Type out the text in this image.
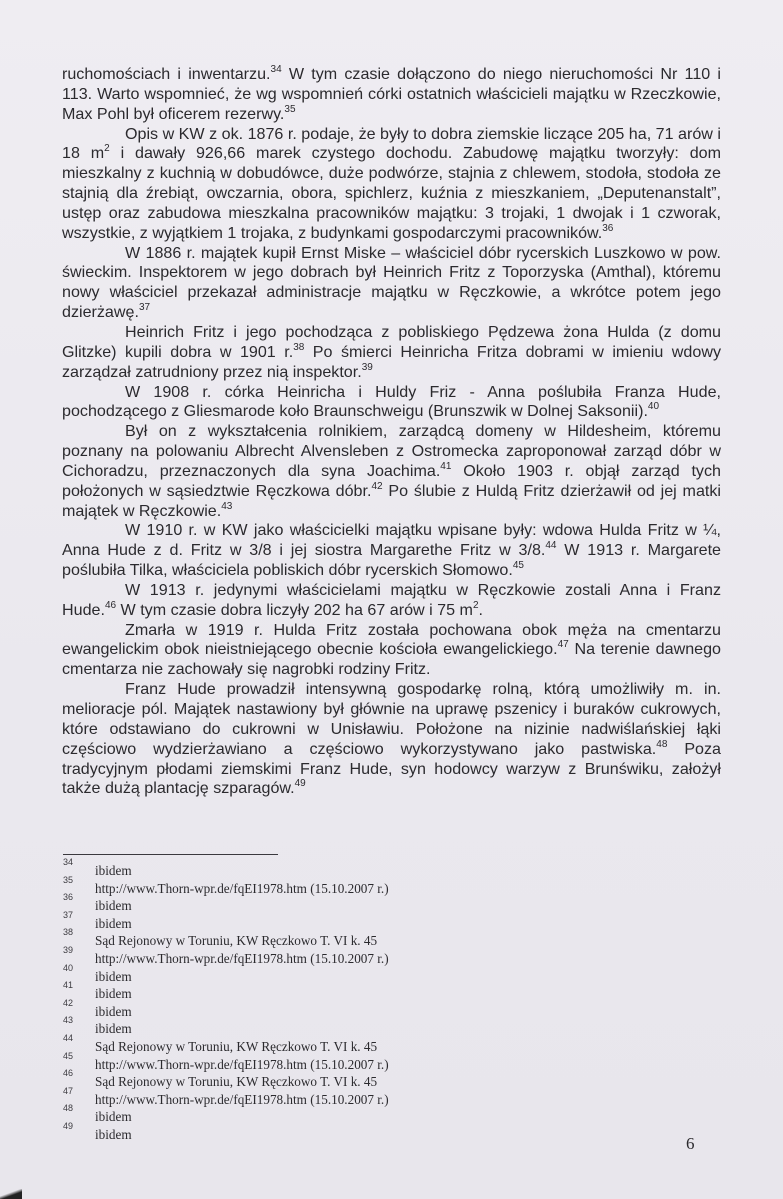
ruchomościach i inwentarzu.$^{34}$ W tym czasie dołączono do niego nieruchomości Nr 110 i 113. Warto wspomnieć, że wg wspomnień córki ostatnich właścicieli majątku w Rzeczkowie, Max Pohl był oficerem rezerwy.$^{35}$

Opis w KW z ok. 1876 r. podaje, że były to dobra ziemskie liczące 205 ha, 71 arów i 18 $m^2$ i dawały 926,66 marek czystego dochodu. Zabudowę majątku tworzyły: dom mieszkalny z kuchnią w dobudówce, duże podwórze, stajnia z chlewem, stodoła, stodoła ze stajnią dla źrebiąt, owczarnia, obora, spichlerz, kuźnia z mieszkaniem, „Deputenanstalt”, ustęp oraz zabudowa mieszkalna pracowników majątku: 3 trojaki, 1 dwojak i 1 czworak, wszystkie, z wyjątkiem 1 trojaka, z budynkami gospodarczymi pracowników.$^{36}$

W 1886 r. majątek kupił Ernst Miske – właściciel dóbr rycerskich Luszkowo w pow. świeckim. Inspektorem w jego dobrach był Heinrich Fritz z Toporzyska (Amthal), któremu nowy właściciel przekazał administracje majątku w Ręczkowie, a wkrótce potem jego dzierżawę.$^{37}$

Heinrich Fritz i jego pochodząca z pobliskiego Pędzewa żona Hulda (z domu Glitzke) kupili dobra w 1901 r.$^{38}$ Po śmierci Heinricha Fritza dobrami w imieniu wdowy zarządzał zatrudniony przez nią inspektor.$^{39}$

W 1908 r. córka Heinricha i Huldy Friz - Anna poślubiła Franza Hude, pochodzącego z Gliesmarode koło Braunschweigu (Brunszwik w Dolnej Saksonii).$^{40}$

Był on z wykształcenia rolnikiem, zarządcą domeny w Hildesheim, któremu poznany na polowaniu Albrecht Alvensleben z Ostromecka zaproponował zarząd dóbr w Cichoradzu, przeznaczonych dla syna Joachima.$^{41}$ Około 1903 r. objął zarząd tych położonych w sąsiedztwie Ręczkowa dóbr.$^{42}$ Po ślubie z Huldą Fritz dzierżawił od jej matki majątek w Ręczkowie.$^{43}$

W 1910 r. w KW jako właścicielki majątku wpisane były: wdowa Hulda Fritz w ¼, Anna Hude z d. Fritz w 3/8 i jej siostra Margarethe Fritz w 3/8.44 W 1913 r. Margarete poślubiła Tilka, właściciela pobliskich dóbr rycerskich Słomowo.$^{45}$

W 1913 r. jedynymi właścicielami majątku w Ręczkowie zostali Anna i Franz Hude.$^{46}$ W tym czasie dobra liczyły 202 ha 67 arów i 75 $m^2$.

Zmarła w 1919 r. Hulda Fritz została pochowana obok męża na cmentarzu ewangelickim obok nieistniejącego obecnie kościoła ewangelickiego.$^{47}$ Na terenie dawnego cmentarza nie zachowały się nagrobki rodziny Fritz.

Franz Hude prowadził intensywną gospodarkę rolną, którą umożliwiły m. in. melioracje pól. Majątek nastawiony był głównie na uprawę pszenicy i buraków cukrowych, które odstawiano do cukrowni w Unisławiu. Położone na nizinie nadwiślańskiej łąki częściowo wydzierżawiano a częściowo wykorzystywano jako pastwiska.$^{48}$ Poza tradycyjnym płodami ziemskimi Franz Hude, syn hodowcy warzyw z Brunświku, założył także dużą plantację szparagów.$^{49}$

34
ibidem
35
http://www.Thorn-wpr.de/fqEI1978.htm (15.10.2007 r.)
36
ibidem
37
ibidem
38
Sąd Rejonowy w Toruniu, KW Ręczkowo T. VI k. 45
39
http://www.Thorn-wpr.de/fqEI1978.htm (15.10.2007 r.)
40
ibidem
41
ibidem
42
ibidem
43
ibidem
44
Sąd Rejonowy w Toruniu, KW Ręczkowo T. VI k. 45
45
http://www.Thorn-wpr.de/fqEI1978.htm (15.10.2007 r.)
46
Sąd Rejonowy w Toruniu, KW Ręczkowo T. VI k. 45
47
http://www.Thorn-wpr.de/fqEI1978.htm (15.10.2007 r.)
48
ibidem
49
ibidem	6
